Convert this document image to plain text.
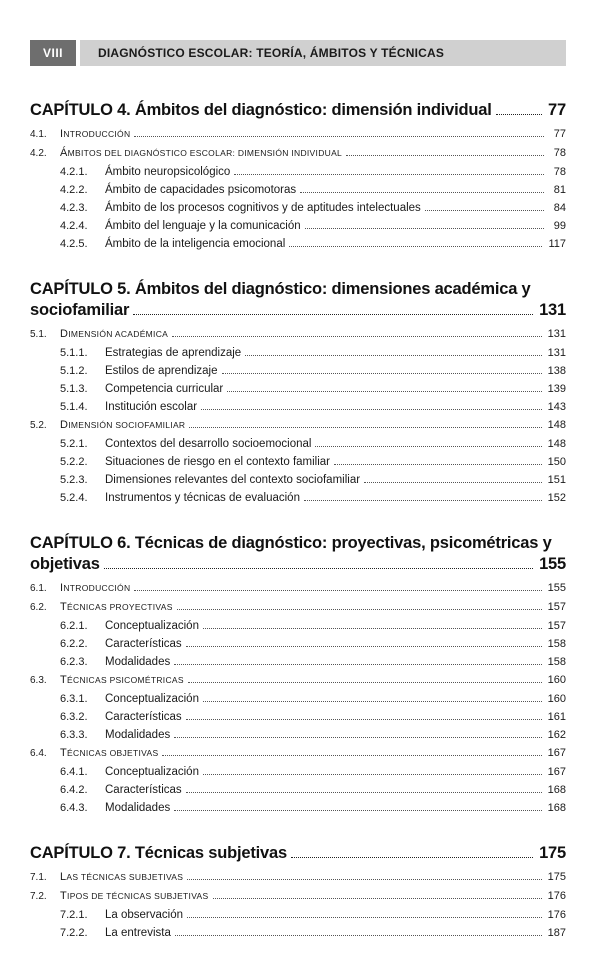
VIII	DIAGNÓSTICO ESCOLAR: TEORÍA, ÁMBITOS Y TÉCNICAS
CAPÍTULO 4. Ámbitos del diagnóstico: dimensión individual	77
4.1.	INTRODUCCIÓN	77
4.2.	ÁMBITOS DEL DIAGNÓSTICO ESCOLAR: DIMENSIÓN INDIVIDUAL	78
4.2.1.	Ámbito neuropsicológico	78
4.2.2.	Ámbito de capacidades psicomotoras	81
4.2.3.	Ámbito de los procesos cognitivos y de aptitudes intelectuales	84
4.2.4.	Ámbito del lenguaje y la comunicación	99
4.2.5.	Ámbito de la inteligencia emocional	117
CAPÍTULO 5. Ámbitos del diagnóstico: dimensiones académica y
sociofamiliar	131
5.1.	DIMENSIÓN ACADÉMICA	131
5.1.1.	Estrategias de aprendizaje	131
5.1.2.	Estilos de aprendizaje	138
5.1.3.	Competencia curricular	139
5.1.4.	Institución escolar	143
5.2.	DIMENSIÓN SOCIOFAMILIAR	148
5.2.1.	Contextos del desarrollo socioemocional	148
5.2.2.	Situaciones de riesgo en el contexto familiar	150
5.2.3.	Dimensiones relevantes del contexto sociofamiliar	151
5.2.4.	Instrumentos y técnicas de evaluación	152
CAPÍTULO 6. Técnicas de diagnóstico: proyectivas, psicométricas y
objetivas	155
6.1.	INTRODUCCIÓN	155
6.2.	TÉCNICAS PROYECTIVAS	157
6.2.1.	Conceptualización	157
6.2.2.	Características	158
6.2.3.	Modalidades	158
6.3.	TÉCNICAS PSICOMÉTRICAS	160
6.3.1.	Conceptualización	160
6.3.2.	Características	161
6.3.3.	Modalidades	162
6.4.	TÉCNICAS OBJETIVAS	167
6.4.1.	Conceptualización	167
6.4.2.	Características	168
6.4.3.	Modalidades	168
CAPÍTULO 7. Técnicas subjetivas	175
7.1.	LAS TÉCNICAS SUBJETIVAS	175
7.2.	TIPOS DE TÉCNICAS SUBJETIVAS	176
7.2.1.	La observación	176
7.2.2.	La entrevista	187
